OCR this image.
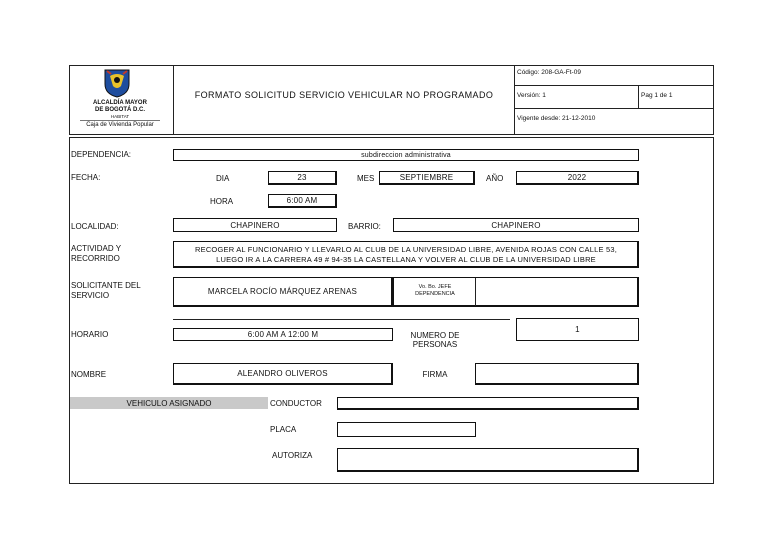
ALCALDÍA MAYOR
DE BOGOTÁ D.C.
HABITAT
Caja de Vivienda Popular
FORMATO SOLICITUD SERVICIO VEHICULAR NO PROGRAMADO
Código: 208-GA-Ft-09
Versión: 1	Pag 1 de 1
Vigente desde: 21-12-2010
DEPENDENCIA:	subdireccion administrativa
FECHA:	DIA	23	MES	SEPTIEMBRE	AÑO	2022
HORA	6:00 AM
LOCALIDAD:	CHAPINERO	BARRIO:	CHAPINERO
ACTIVIDAD Y
RECORRIDO
RECOGER AL FUNCIONARIO Y LLEVARLO AL CLUB DE LA UNIVERSIDAD LIBRE, AVENIDA ROJAS CON CALLE 53,
LUEGO IR A LA CARRERA 49 # 94-35 LA CASTELLANA Y VOLVER AL CLUB DE LA UNIVERSIDAD LIBRE
SOLICITANTE DEL
SERVICIO	MARCELA ROCÍO MÁRQUEZ ARENAS	Vo. Bo. JEFE
DEPENDENCIA
HORARIO	6:00 AM A 12:00 M	NUMERO DE
PERSONAS
1
NOMBRE	ALEANDRO OLIVEROS	FIRMA
VEHICULO ASIGNADO	CONDUCTOR
PLACA
AUTORIZA
